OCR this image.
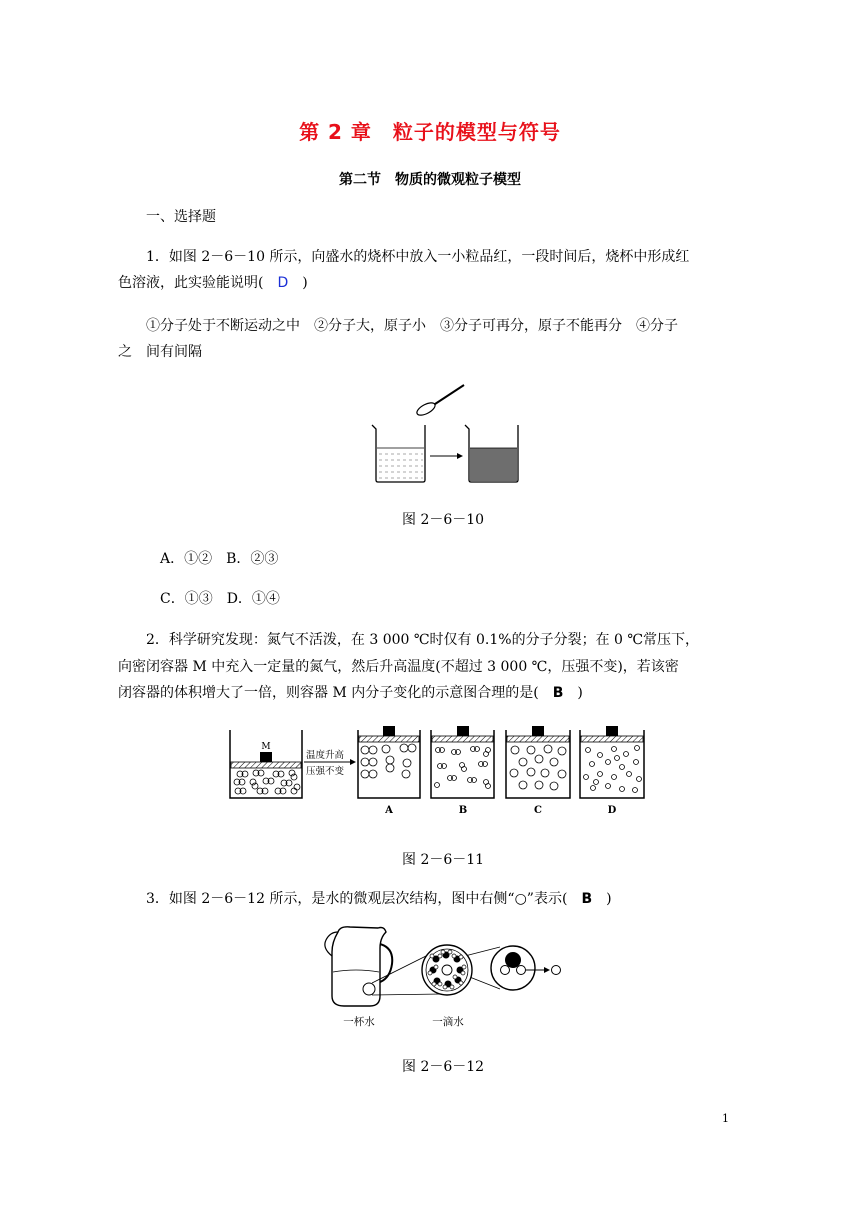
第 2 章　粒子的模型与符号
第二节　物质的微观粒子模型
一、选择题
1．如图 2－6－10 所示，向盛水的烧杯中放入一小粒品红，一段时间后，烧杯中形成红
色溶液，此实验能说明(　D　)
①分子处于不断运动之中　②分子大，原子小　③分子可再分，原子不能再分　④分子
之　间有间隔
图 2－6－10
A．①②　B．②③
C．①③　D．①④
2．科学研究发现：氮气不活泼，在 3 000 ℃时仅有 0.1%的分子分裂；在 0 ℃常压下，
向密闭容器 M 中充入一定量的氮气，然后升高温度(不超过 3 000 ℃，压强不变)，若该密
闭容器的体积增大了一倍，则容器 M 内分子变化的示意图合理的是(　B　)
M
温度升高
压强不变
A	B	C	D
图 2－6－11
3．如图 2－6－12 所示，是水的微观层次结构，图中右侧“○”表示(　B　)
一杯水	一滴水
图 2－6－12
1
